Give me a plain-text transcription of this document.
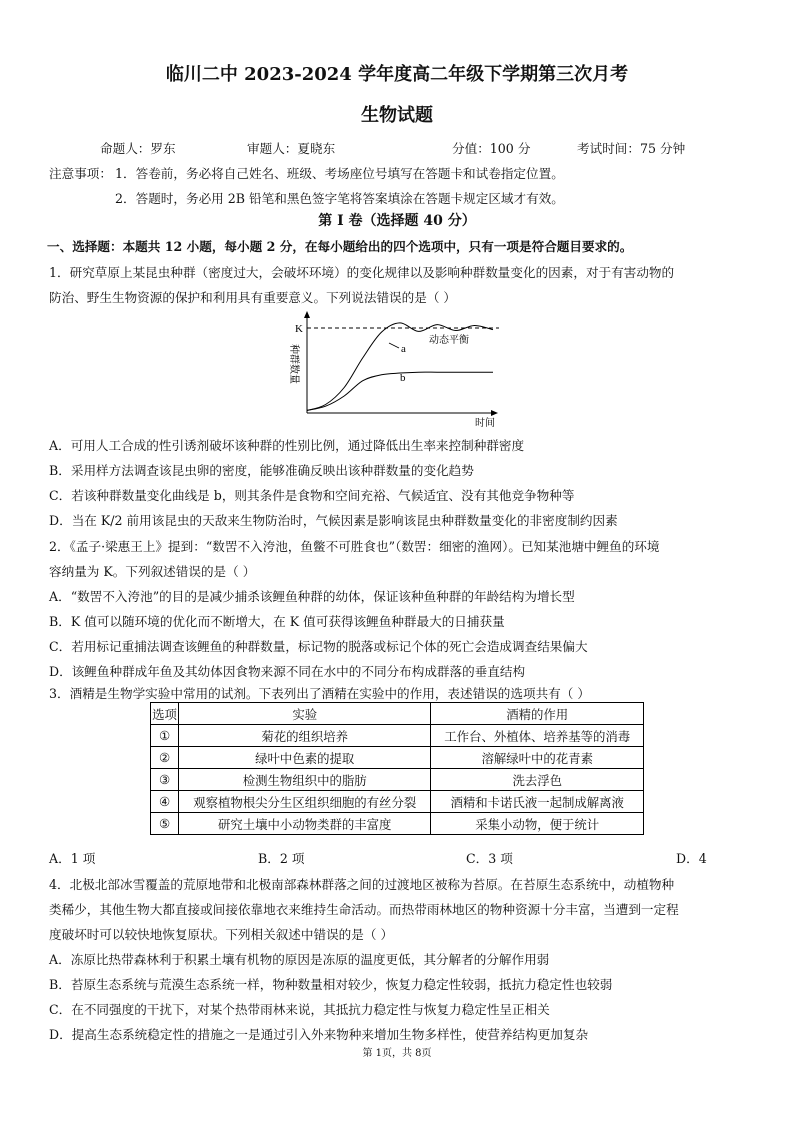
临川二中 2023-2024 学年度高二年级下学期第三次月考
生物试题
命题人：罗东	审题人：夏晓东	分值：100 分	考试时间：75 分钟
注意事项： 1．答卷前，务必将自己姓名、班级、考场座位号填写在答题卡和试卷指定位置。
2．答题时，务必用 2B 铅笔和黑色签字笔将答案填涂在答题卡规定区域才有效。
第 I 卷（选择题 40 分）
一、选择题：本题共 12 小题，每小题 2 分，在每小题给出的四个选项中，只有一项是符合题目要求的。
1．研究草原上某昆虫种群（密度过大，会破坏环境）的变化规律以及影响种群数量变化的因素，对于有害动物的
防治、野生生物资源的保护和利用具有重要意义。下列说法错误的是（ ）
K
种群数量
时间
a
b
动态平衡
A．可用人工合成的性引诱剂破坏该种群的性别比例，通过降低出生率来控制种群密度
B．采用样方法调查该昆虫卵的密度，能够准确反映出该种群数量的变化趋势
C．若该种群数量变化曲线是 b，则其条件是食物和空间充裕、气候适宜、没有其他竞争物种等
D．当在 K/2 前用该昆虫的天敌来生物防治时，气候因素是影响该昆虫种群数量变化的非密度制约因素
2．《孟子·梁惠王上》提到：“数罟不入洿池，鱼鳖不可胜食也”（数罟：细密的渔网）。已知某池塘中鲤鱼的环境
容纳量为 K。下列叙述错误的是（ ）
A．“数罟不入洿池”的目的是减少捕杀该鲤鱼种群的幼体，保证该种鱼种群的年龄结构为增长型
B．K 值可以随环境的优化而不断增大，在 K 值可获得该鲤鱼种群最大的日捕获量
C．若用标记重捕法调查该鲤鱼的种群数量，标记物的脱落或标记个体的死亡会造成调查结果偏大
D．该鲤鱼种群成年鱼及其幼体因食物来源不同在水中的不同分布构成群落的垂直结构
3．酒精是生物学实验中常用的试剂。下表列出了酒精在实验中的作用，表述错误的选项共有（ ）
选项	实验	酒精的作用
①	菊花的组织培养	工作台、外植体、培养基等的消毒
②	绿叶中色素的提取	溶解绿叶中的花青素
③	检测生物组织中的脂肪	洗去浮色
④	观察植物根尖分生区组织细胞的有丝分裂	酒精和卡诺氏液一起制成解离液
⑤	研究土壤中小动物类群的丰富度	采集小动物，便于统计
A．1 项	B．2 项	C．3 项	D．4
4．北极北部冰雪覆盖的荒原地带和北极南部森林群落之间的过渡地区被称为苔原。在苔原生态系统中，动植物种
类稀少，其他生物大都直接或间接依靠地衣来维持生命活动。而热带雨林地区的物种资源十分丰富，当遭到一定程
度破坏时可以较快地恢复原状。下列相关叙述中错误的是（ ）
A．冻原比热带森林利于积累土壤有机物的原因是冻原的温度更低，其分解者的分解作用弱
B．苔原生态系统与荒漠生态系统一样，物种数量相对较少，恢复力稳定性较弱，抵抗力稳定性也较弱
C．在不同强度的干扰下，对某个热带雨林来说，其抵抗力稳定性与恢复力稳定性呈正相关
D．提高生态系统稳定性的措施之一是通过引入外来物种来增加生物多样性，使营养结构更加复杂
第 1页，共 8页
